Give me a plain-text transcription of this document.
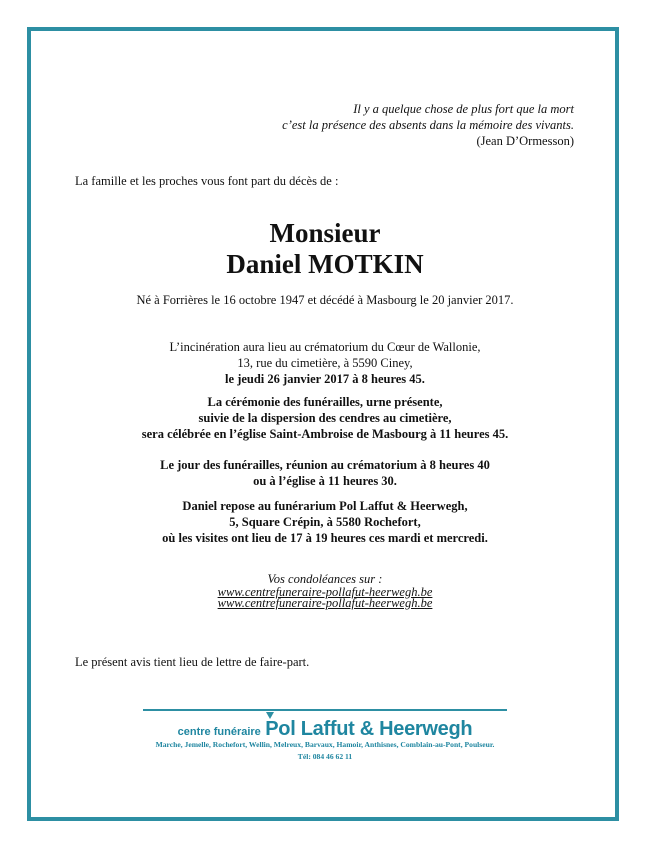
Il y a quelque chose de plus fort que la mort
c’est la présence des absents dans la mémoire des vivants.
(Jean D’Ormesson)
La famille et les proches vous font part du décès de :
Monsieur
Daniel MOTKIN
Né à Forrières le 16 octobre 1947 et décédé à Masbourg le 20 janvier 2017.
L’incinération aura lieu au crématorium du Cœur de Wallonie,
13, rue du cimetière, à 5590 Ciney,
le jeudi 26 janvier 2017 à 8 heures 45.
La cérémonie des funérailles, urne présente,
suivie de la dispersion des cendres au cimetière,
sera célébrée en l’église Saint-Ambroise de Masbourg à 11 heures 45.
Le jour des funérailles, réunion au crématorium à 8 heures 40
ou à l’église à 11 heures 30.
Daniel repose au funérarium Pol Laffut & Heerwegh,
5, Square Crépin, à 5580 Rochefort,
où les visites ont lieu de 17 à 19 heures ces mardi et mercredi.
Vos condoléances sur :
www.centrefuneraire-pollafut-heerwegh.be
www.centrefuneraire-pollafut-heerwegh.be
Le présent avis tient lieu de lettre de faire-part.
centre funéraire Pol Laffut & Heerwegh
Marche, Jemelle, Rochefort, Wellin, Melreux, Barvaux, Hamoir, Anthisnes, Comblain-au-Pont, Poulseur.
Tél: 084 46 62 11
